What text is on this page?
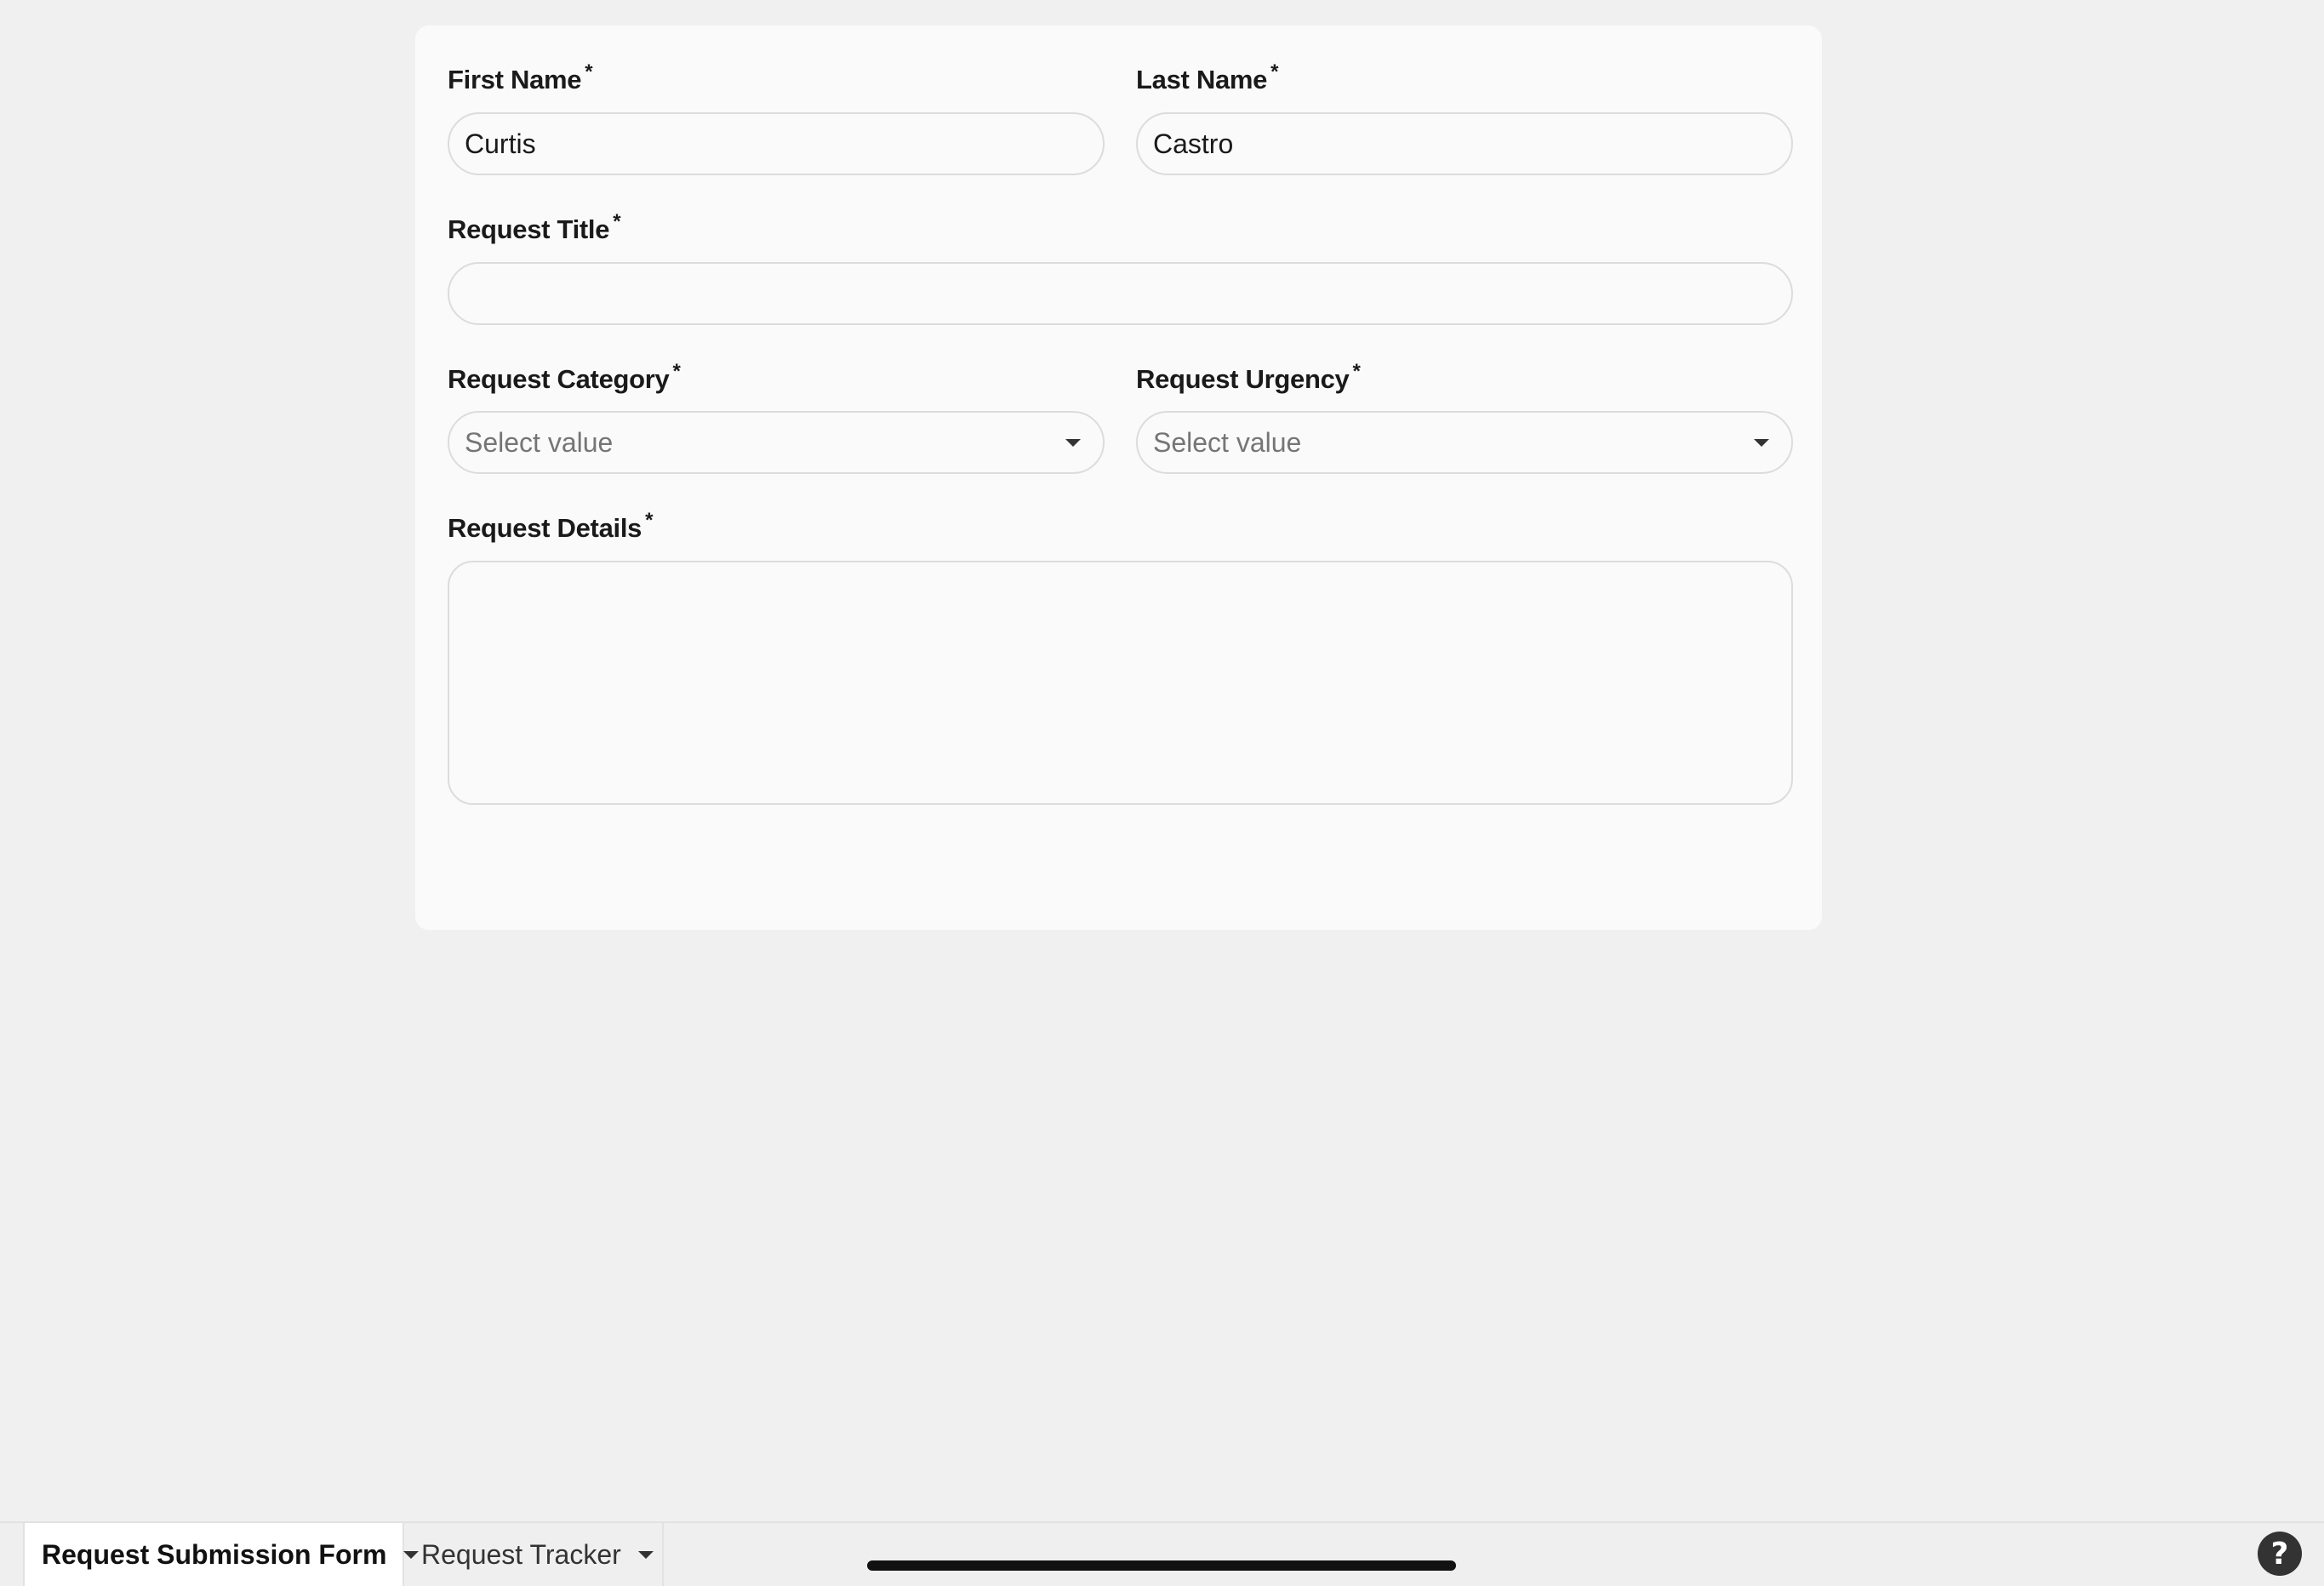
First Name *
Curtis
Last Name *
Castro
Request Title *
Request Category *
Select value
Request Urgency *
Select value
Request Details *
Request Submission Form Request Tracker	?
